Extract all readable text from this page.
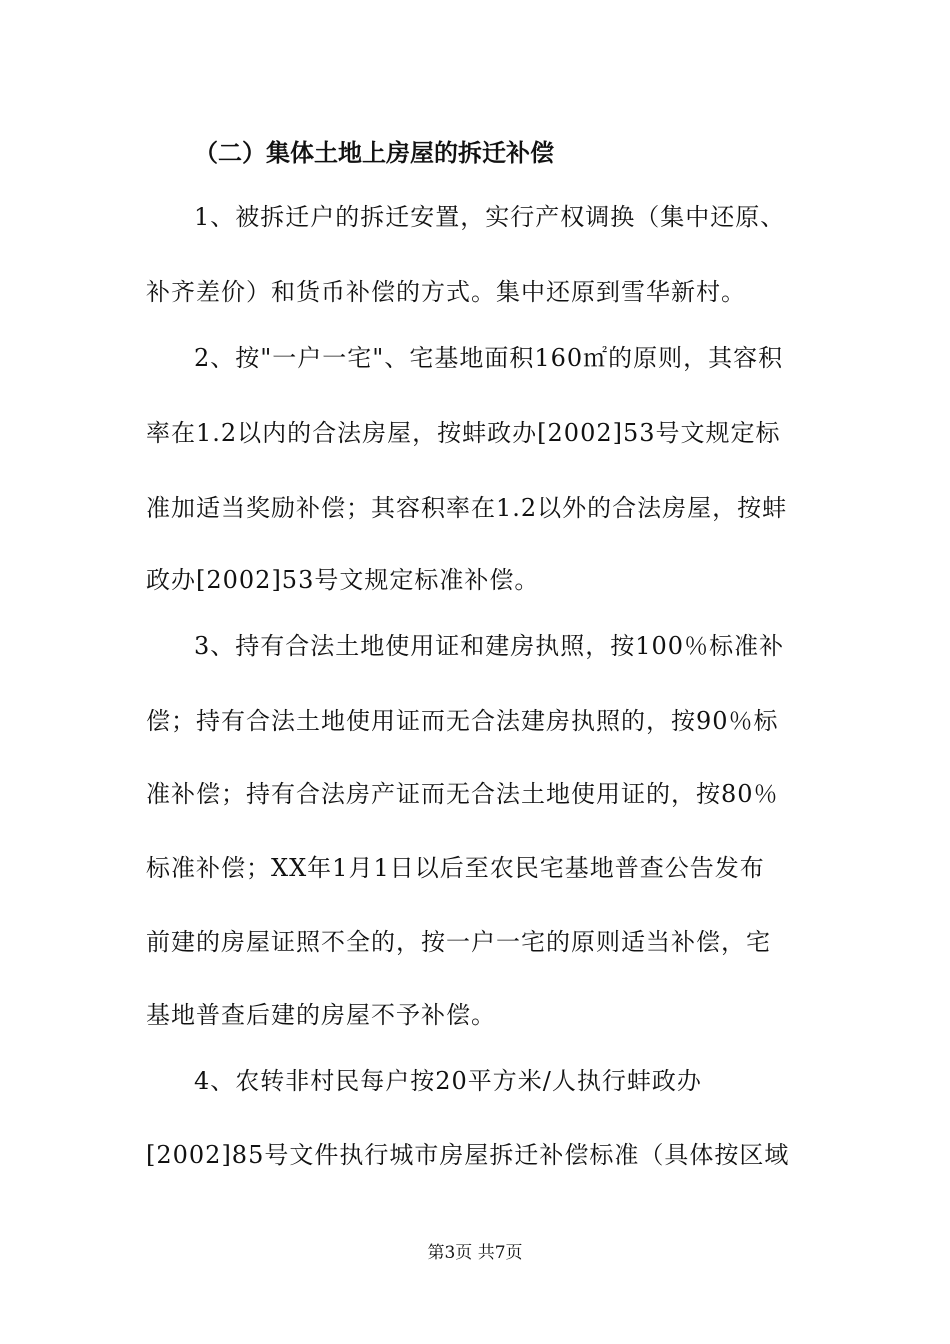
（二）集体土地上房屋的拆迁补偿
1、被拆迁户的拆迁安置，实行产权调换（集中还原、
补齐差价）和货币补偿的方式。集中还原到雪华新村。
2、按"一户一宅"、宅基地面积160㎡的原则，其容积
率在1.2以内的合法房屋，按蚌政办[2002]53号文规定标
准加适当奖励补偿；其容积率在1.2以外的合法房屋，按蚌
政办[2002]53号文规定标准补偿。
3、持有合法土地使用证和建房执照，按100％标准补
偿；持有合法土地使用证而无合法建房执照的，按90％标
准补偿；持有合法房产证而无合法土地使用证的，按80％
标准补偿；XX年1月1日以后至农民宅基地普查公告发布
前建的房屋证照不全的，按一户一宅的原则适当补偿，宅
基地普查后建的房屋不予补偿。
4、农转非村民每户按20平方米/人执行蚌政办
[2002]85号文件执行城市房屋拆迁补偿标准（具体按区域
第3页 共7页
